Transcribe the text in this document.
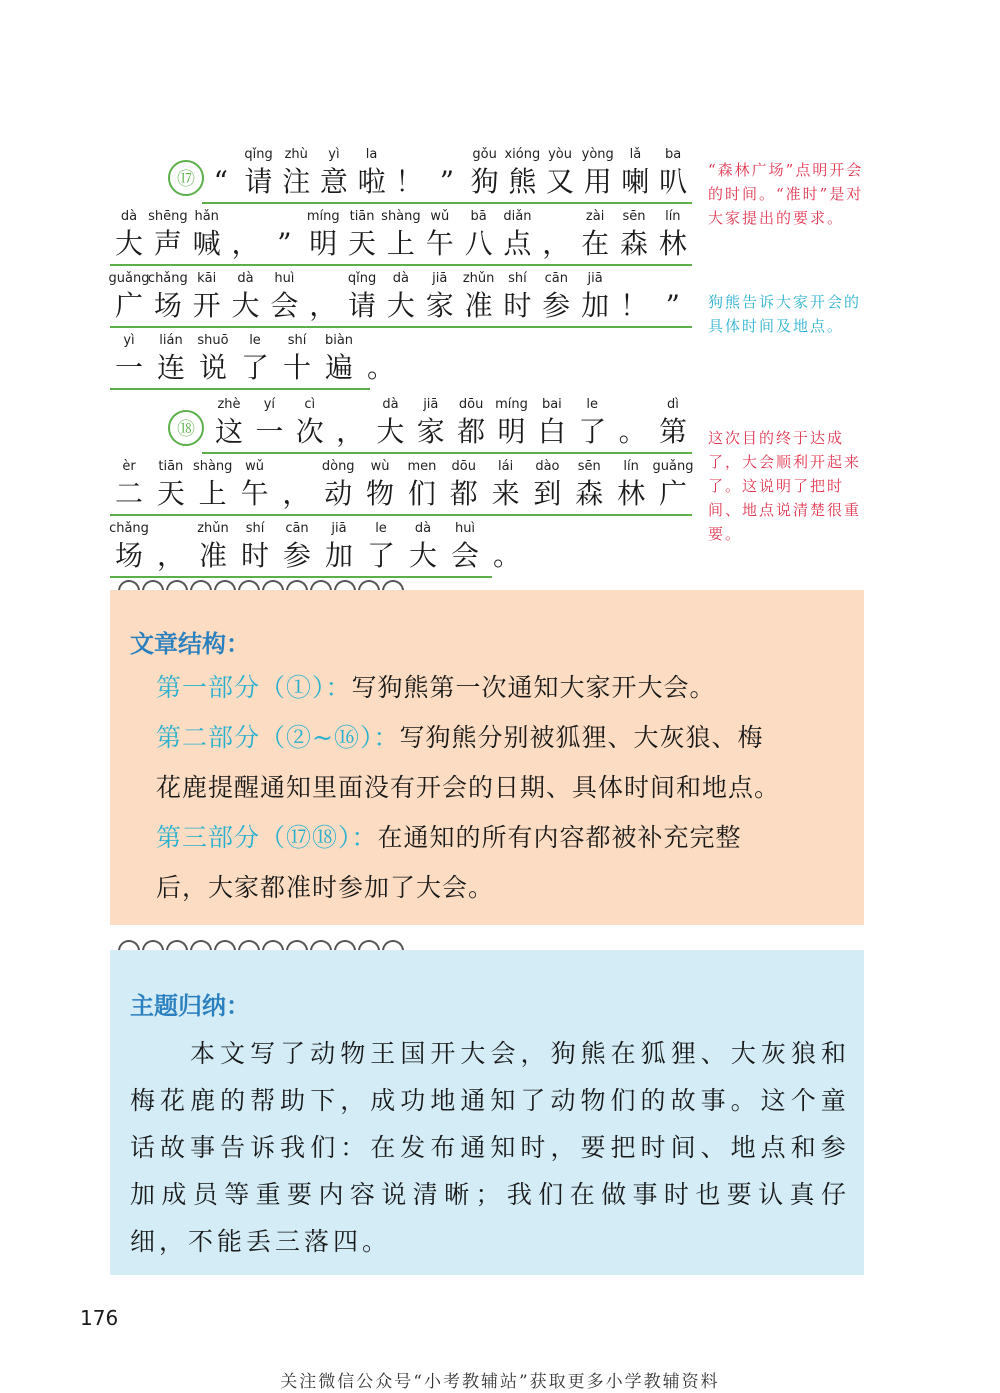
⑰ “
qǐng
请
zhù
注
yì
意
la
啦 ！ ”
gǒu
狗
xióng
熊
yòu
又
yòng
用
lǎ
喇
ba
叭
dà
大
shēng
声
hǎn
喊 ， ”
míng
明
tiān
天
shàng
上
wǔ
午
bā
八
diǎn
点 ，
zài
在
sēn
森
lín
林
guǎng
广
chǎng
场
kāi
开
dà
大
huì
会 ，
qǐng
请
dà
大
jiā
家
zhǔn
准
shí
时
cān
参
jiā
加 ！ ”
yì
一
lián
连
shuō
说
le
了
shí
十
biàn
遍 。
⑱
zhè
这
yí
一
cì
次 ，
dà
大
jiā
家
dōu
都
míng
明
bai
白
le
了 。
dì
第
èr
二
tiān
天
shàng
上
wǔ
午 ，
dòng
动
wù
物
men
们
dōu
都
lái
来
dào
到
sēn
森
lín
林
guǎng
广
chǎng
场 ，
zhǔn
准
shí
时
cān
参
jiā
加
le
了
dà
大
huì
会 。
“森林广场”点明开会的时间。“准时”是对大家提出的要求。
狗熊告诉大家开会的具体时间及地点。
这次目的终于达成了，大会顺利开起来了。这说明了把时间、地点说清楚很重要。
文章结构：
第一部分（①）：写狗熊第一次通知大家开大会。
第二部分（②~⑯）：写狗熊分别被狐狸、大灰狼、梅
花鹿提醒通知里面没有开会的日期、具体时间和地点。
第三部分（⑰⑱）：在通知的所有内容都被补充完整
后，大家都准时参加了大会。
主题归纳：
本 文 写 了 动 物 王 国 开 大 会 ， 狗 熊 在 狐 狸 、 大 灰 狼 和
梅 花 鹿 的 帮 助 下 ， 成 功 地 通 知 了 动 物 们 的 故 事 。 这 个 童
话 故 事 告 诉 我 们 ： 在 发 布 通 知 时 ， 要 把 时 间 、 地 点 和 参
加 成 员 等 重 要 内 容 说 清 晰 ； 我 们 在 做 事 时 也 要 认 真 仔
细，不能丢三落四。
176
关注微信公众号“小考教辅站”获取更多小学教辅资料
